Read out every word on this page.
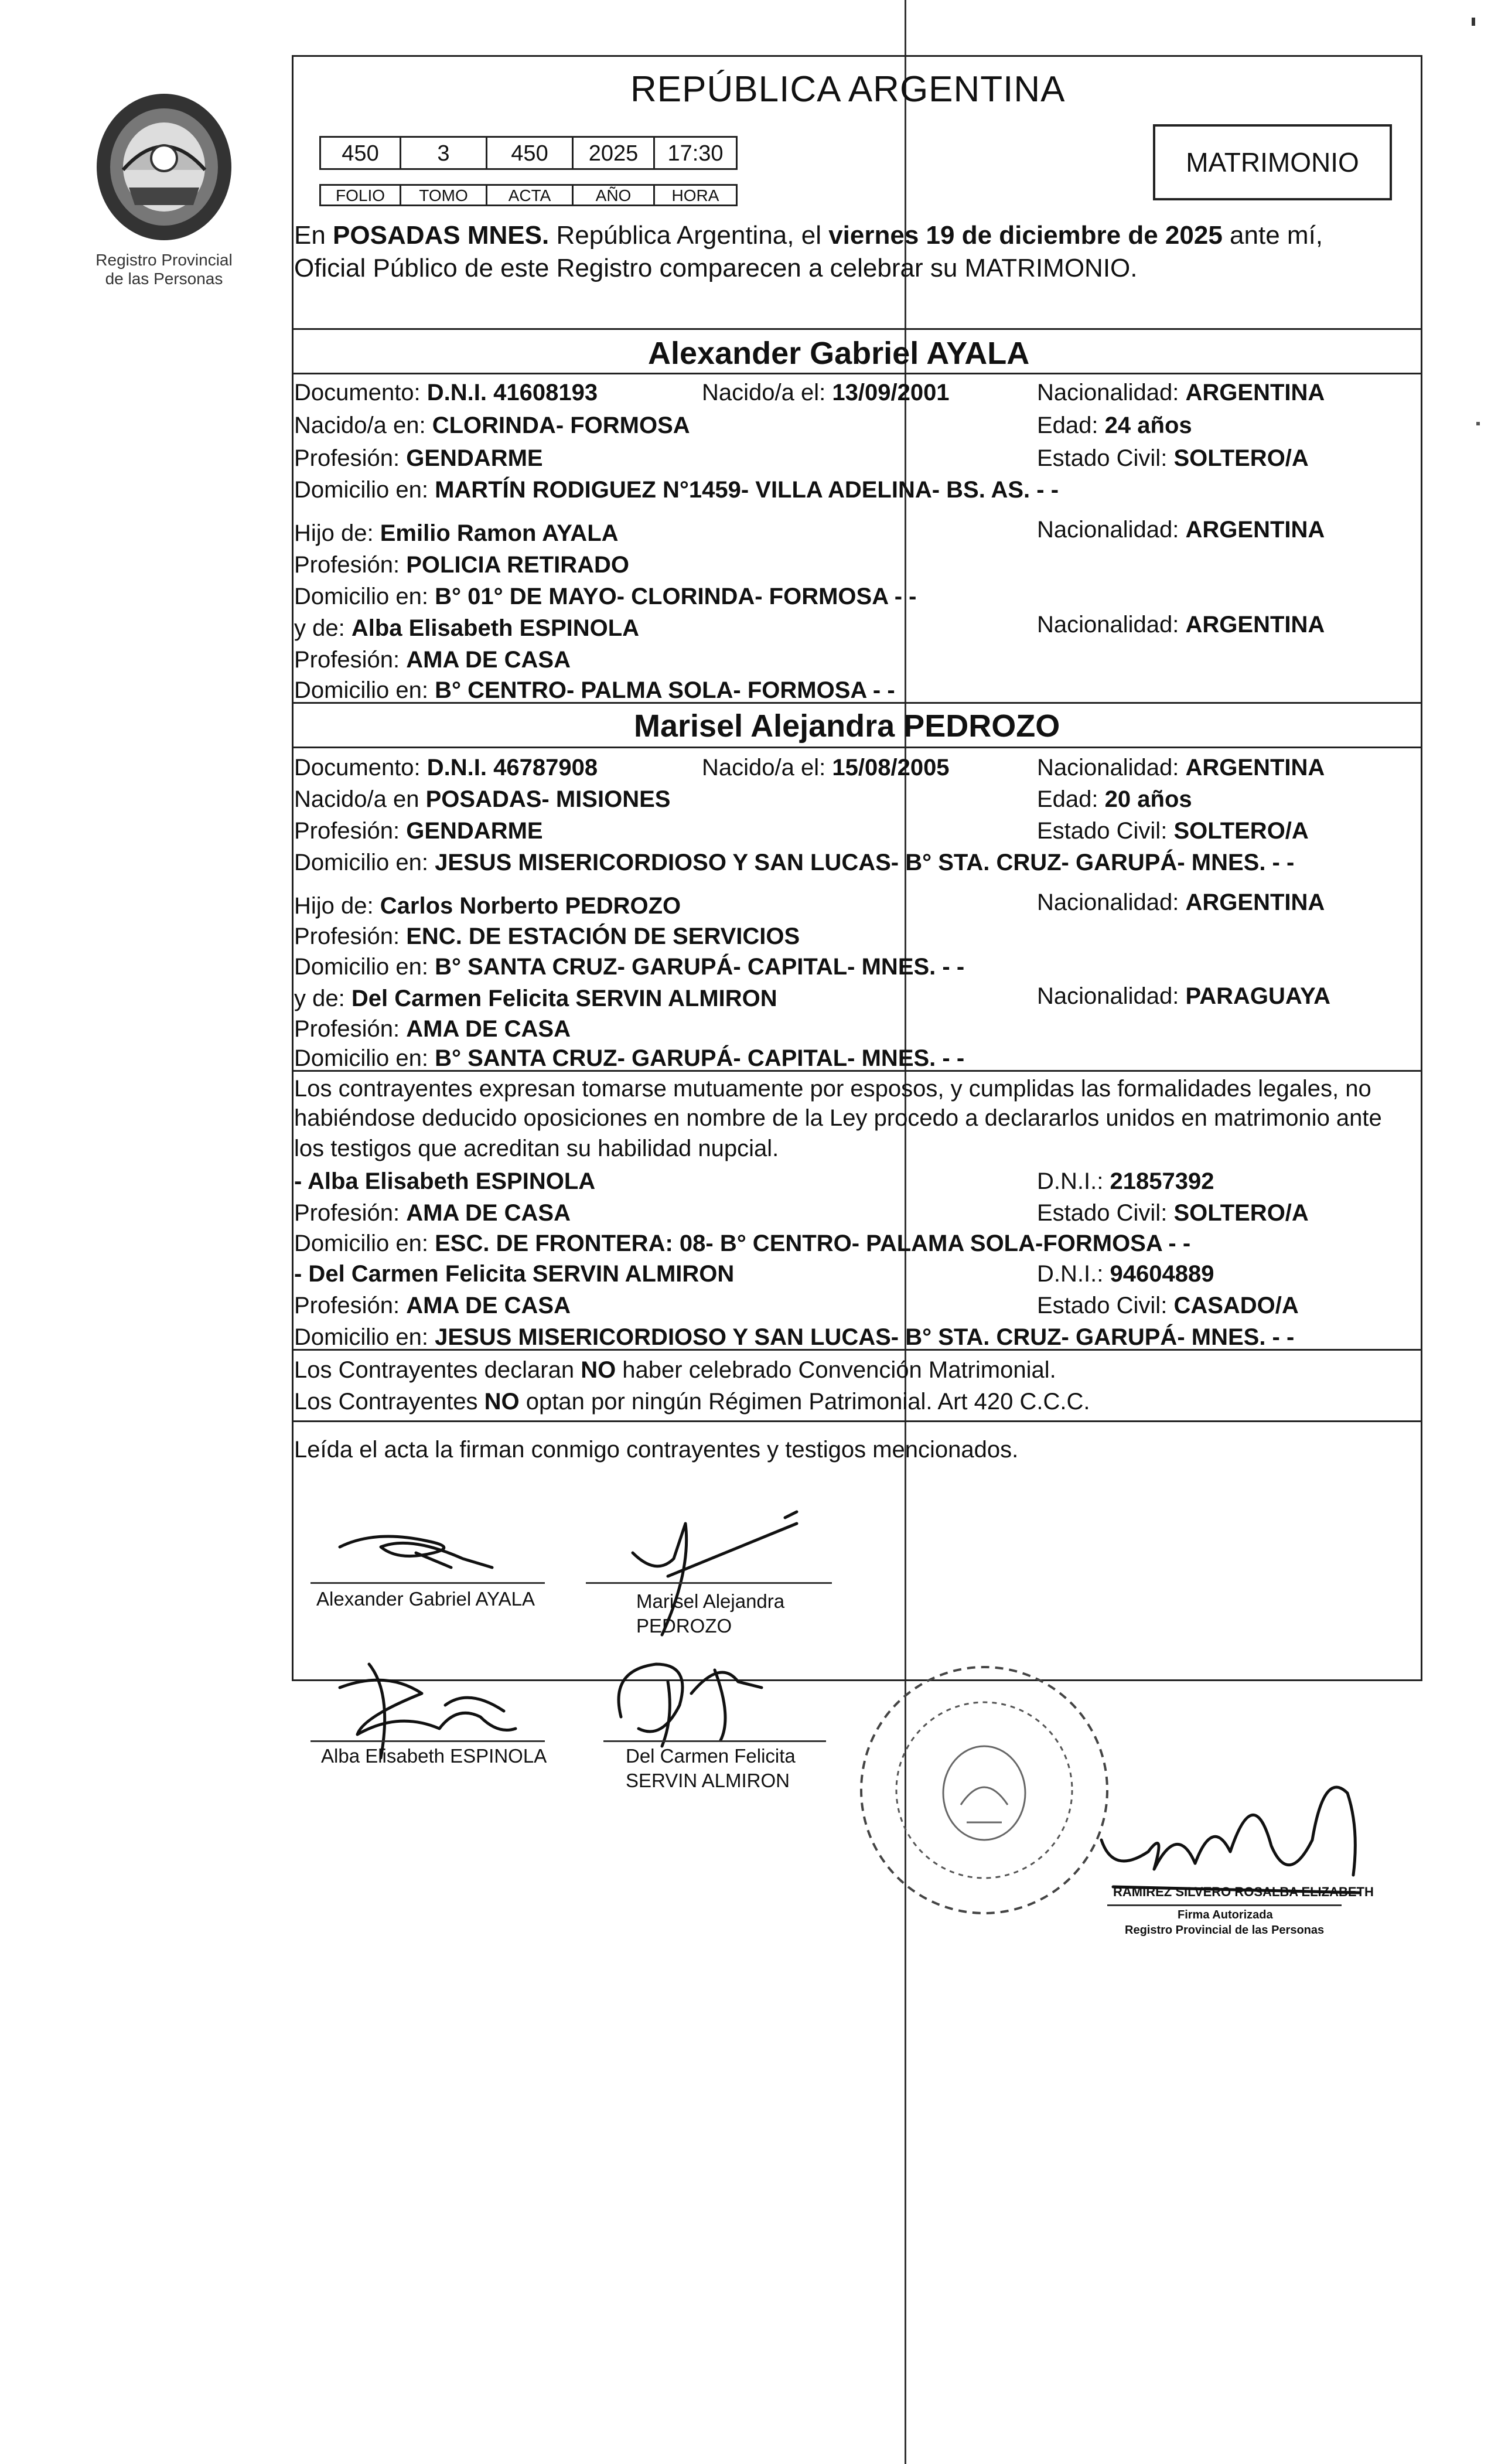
Registro Provincial
de las Personas
REPÚBLICA ARGENTINA
450	3	450	2025	17:30
FOLIO	TOMO	ACTA	AÑO	HORA
MATRIMONIO
En POSADAS MNES. República Argentina, el viernes 19 de diciembre de 2025 ante mí,
Oficial Público de este Registro comparecen a celebrar su MATRIMONIO.
Alexander Gabriel AYALA
Documento: D.N.I. 41608193	Nacido/a el: 13/09/2001	Nacionalidad: ARGENTINA
Nacido/a en: CLORINDA- FORMOSA	Edad: 24 años
Profesión: GENDARME	Estado Civil: SOLTERO/A
Domicilio en: MARTÍN RODIGUEZ N°1459- VILLA ADELINA- BS. AS. - -
Hijo de: Emilio Ramon AYALA	Nacionalidad: ARGENTINA
Profesión: POLICIA RETIRADO
Domicilio en: B° 01° DE MAYO- CLORINDA- FORMOSA - -
y de: Alba Elisabeth ESPINOLA	Nacionalidad: ARGENTINA
Profesión: AMA DE CASA
Domicilio en: B° CENTRO- PALMA SOLA- FORMOSA - -
Marisel Alejandra PEDROZO
Documento: D.N.I. 46787908	Nacido/a el: 15/08/2005	Nacionalidad: ARGENTINA
Nacido/a en POSADAS- MISIONES	Edad: 20 años
Profesión: GENDARME	Estado Civil: SOLTERO/A
Domicilio en: JESUS MISERICORDIOSO Y SAN LUCAS- B° STA. CRUZ- GARUPÁ- MNES. - -
Hijo de: Carlos Norberto PEDROZO	Nacionalidad: ARGENTINA
Profesión: ENC. DE ESTACIÓN DE SERVICIOS
Domicilio en: B° SANTA CRUZ- GARUPÁ- CAPITAL- MNES. - -
y de: Del Carmen Felicita SERVIN ALMIRON	Nacionalidad: PARAGUAYA
Profesión: AMA DE CASA
Domicilio en: B° SANTA CRUZ- GARUPÁ- CAPITAL- MNES. - -
Los contrayentes expresan tomarse mutuamente por esposos, y cumplidas las formalidades legales, no
habiéndose deducido oposiciones en nombre de la Ley procedo a declararlos unidos en matrimonio ante
los testigos que acreditan su habilidad nupcial.
- Alba Elisabeth ESPINOLA	D.N.I.: 21857392
Profesión: AMA DE CASA	Estado Civil: SOLTERO/A
Domicilio en: ESC. DE FRONTERA: 08- B° CENTRO- PALAMA SOLA-FORMOSA - -
- Del Carmen Felicita SERVIN ALMIRON	D.N.I.: 94604889
Profesión: AMA DE CASA	Estado Civil: CASADO/A
Domicilio en: JESUS MISERICORDIOSO Y SAN LUCAS- B° STA. CRUZ- GARUPÁ- MNES. - -
Los Contrayentes declaran NO haber celebrado Convención Matrimonial.
Los Contrayentes NO optan por ningún Régimen Patrimonial. Art 420 C.C.C.
Leída el acta la firman conmigo contrayentes y testigos mencionados.
Alexander Gabriel AYALA	Marisel Alejandra
PEDROZO
Alba Elisabeth ESPINOLA	Del Carmen Felicita
SERVIN ALMIRON
RAMIREZ SILVERO ROSALBA ELIZABETH
Firma Autorizada
Registro Provincial de las Personas
